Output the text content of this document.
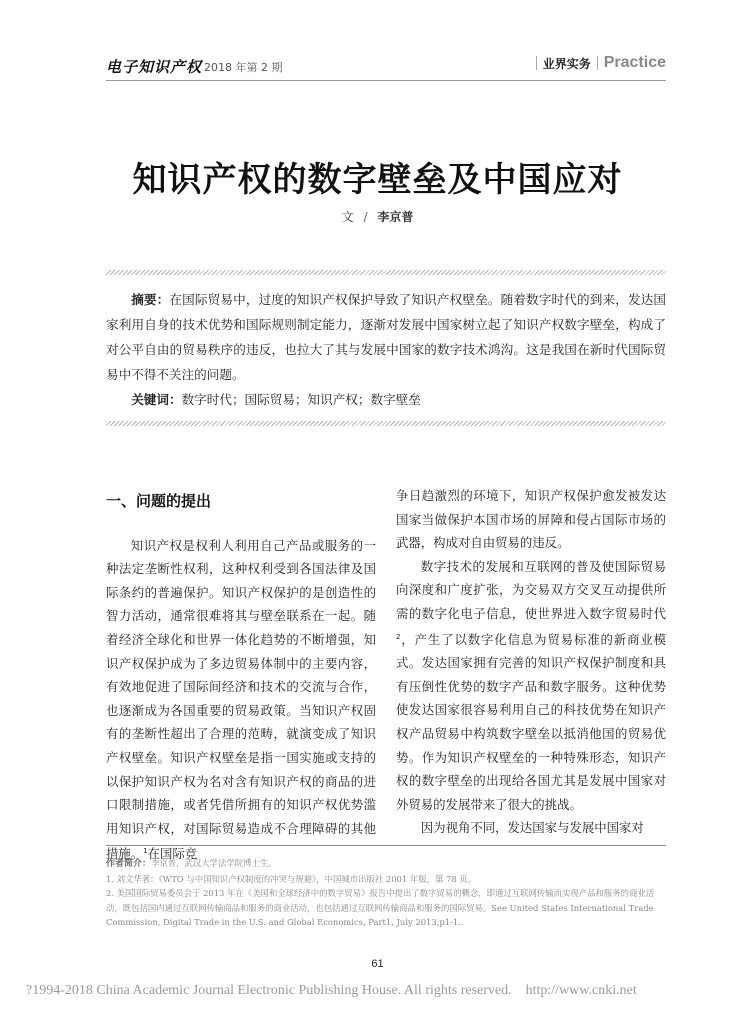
电子知识产权 2018 年第 2 期	业界实务 Practice
知识产权的数字壁垒及中国应对
文 / 李京普

摘要：在国际贸易中，过度的知识产权保护导致了知识产权壁垒。随着数字时代的到来，发达国家利用自身的技术优势和国际规则制定能力，逐渐对发展中国家树立起了知识产权数字壁垒，构成了对公平自由的贸易秩序的违反，也拉大了其与发展中国家的数字技术鸿沟。这是我国在新时代国际贸易中不得不关注的问题。

关键词：数字时代；国际贸易；知识产权；数字壁垒

一、问题的提出

知识产权是权利人利用自己产品或服务的一种法定垄断性权利，这种权利受到各国法律及国际条约的普遍保护。知识产权保护的是创造性的智力活动，通常很难将其与壁垒联系在一起。随着经济全球化和世界一体化趋势的不断增强，知识产权保护成为了多边贸易体制中的主要内容，有效地促进了国际间经济和技术的交流与合作，也逐渐成为各国重要的贸易政策。当知识产权固有的垄断性超出了合理的范畴，就演变成了知识产权壁垒。知识产权壁垒是指一国实施或支持的以保护知识产权为名对含有知识产权的商品的进口限制措施，或者凭借所拥有的知识产权优势滥用知识产权，对国际贸易造成不合理障碍的其他措施。$^1$在国际竞

争日趋激烈的环境下，知识产权保护愈发被发达国家当做保护本国市场的屏障和侵占国际市场的武器，构成对自由贸易的违反。

数字技术的发展和互联网的普及使国际贸易向深度和广度扩张，为交易双方交叉互动提供所需的数字化电子信息，使世界进入数字贸易时代$^2$，产生了以数字化信息为贸易标准的新商业模式。发达国家拥有完善的知识产权保护制度和具有压倒性优势的数字产品和数字服务。这种优势使发达国家很容易利用自己的科技优势在知识产权产品贸易中构筑数字壁垒以抵消他国的贸易优势。作为知识产权壁垒的一种特殊形态，知识产权的数字壁垒的出现给各国尤其是发展中国家对外贸易的发展带来了很大的挑战。

因为视角不同，发达国家与发展中国家对

作者简介：李京普，武汉大学法学院博士生。

1. 刘文华著：《WTO 与中国知识产权制度的冲突与规避》，中国城市出版社 2001 年版，第 78 页。

2. 美国国际贸易委员会于 2013 年在《美国和全球经济中的数字贸易》报告中提出了数字贸易的概念，即通过互联网传输而实现产品和服务的商业活动，既包括国内通过互联网传输商品和服务的商业活动，也包括通过互联网传输商品和服务的国际贸易。See United States International Trade Commission, Digital Trade in the U.S. and Global Economics, Part1, July 2013,p1-1..

61
?1994-2018 China Academic Journal Electronic Publishing House. All rights reserved. http://www.cnki.net
